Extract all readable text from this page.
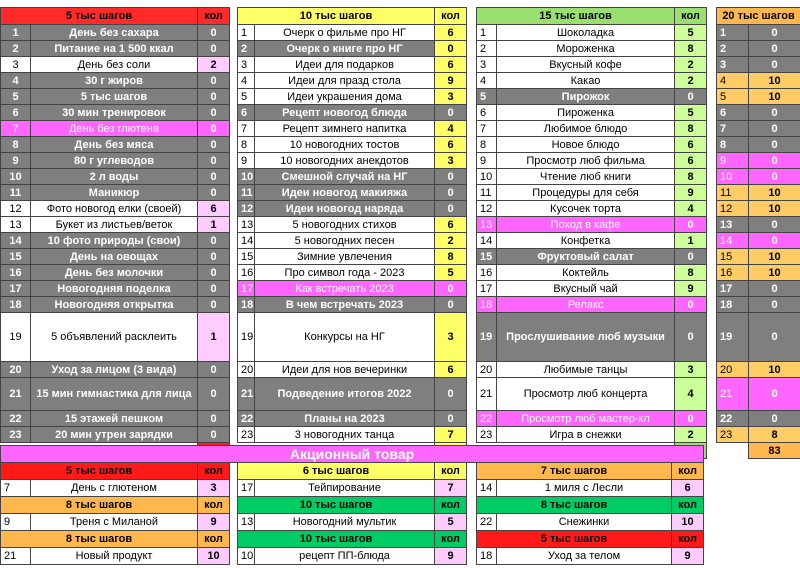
5 тыс шагов		кол		10 тыс шагов		кол		15 тыс шагов		кол		20 тыс шагов	
1	День без сахара	0		1	Очерк о фильме про НГ	6		1	Шоколадка	5		1	0
2	Питание на 1 500 ккал	0		2	Очерк о книге про НГ	0		2	Мороженка	8		2	0
3	День без соли	2		3	Идеи для подарков	6		3	Вкусный кофе	2		3	0
4	30 г жиров	0		4	Идеи для празд стола	9		4	Какао	2		4	10
5	5 тыс шагов	0		5	Идеи украшения дома	3		5	Пирожок	0		5	10
6	30 мин тренировок	0		6	Рецепт новогод блюда	0		6	Пироженка	5		6	0
7	День без глютена	0		7	Рецепт зимнего напитка	4		7	Любимое блюдо	8		7	0
8	День без мяса	0		8	10 новогодних тостов	6		8	Новое блюдо	6		8	0
9	80 г углеводов	0		9	10 новогодних анекдотов	3		9	Просмотр люб фильма	6		9	0
10	2 л воды	0		10	Смешной случай на НГ	0		10	Чтение люб книги	8		10	0
11	Маникюр	0		11	Идеи новогод макияжа	0		11	Процедуры для себя	9		11	10
12	Фото новогод елки (своей)	6		12	Идеи новогод наряда	0		12	Кусочек торта	4		12	10
13	Букет из листьев/веток	1		13	5 новогодних стихов	6		13	Поход в кафе	0		13	0
14	10 фото природы (свои)	0		14	5 новогодних песен	2		14	Конфетка	1		14	0
15	День на овощах	0		15	Зимние увлечения	8		15	Фруктовый салат	0		15	10
16	День без молочки	0		16	Про символ года - 2023	5		16	Коктейль	8		16	10
17	Новогодняя поделка	0		17	Как встречать 2023	0		17	Вкусный чай	9		17	0
18	Новогодняя открытка	0		18	В чем встречать 2023	0		18	Релакс	0		18	0
19	5 объявлений расклеить	1		19	Конкурсы на НГ	3		19	Прослушивание люб музыки	0		19	0
20	Уход за лицом (3 вида)	0		20	Идеи для нов вечеринки	6		20	Любимые танцы	3		20	10
21	15 мин гимнастика для лица	0		21	Подведение итогов 2022	0		21	Просмотр люб концерта	4		21	0
22	15 этажей пешком	0		22	Планы на 2023	0		22	Просмотр люб мастер-кл	0		22	0
23	20 мин утрен зарядки	0		23	3 новогодних танца	7		23	Игра в снежки	2		23	8
										83
Акционный товар										
5 тыс шагов		кол		6 тыс шагов		кол		7 тыс шагов		кол
7	День с глютеном	3		17	Тейпирование	7		14	1 миля с Лесли	6
8 тыс шагов		кол		10 тыс шагов		кол		8 тыс шагов		кол
9	Треня с Миланой	9		13	Новогодний мультик	5		22	Снежинки	10
8 тыс шагов		кол		10 тыс шагов		кол		5 тыс шагов		кол
21	Новый продукт	10		10	рецепт ПП-блюда	9		18	Уход за телом	9
